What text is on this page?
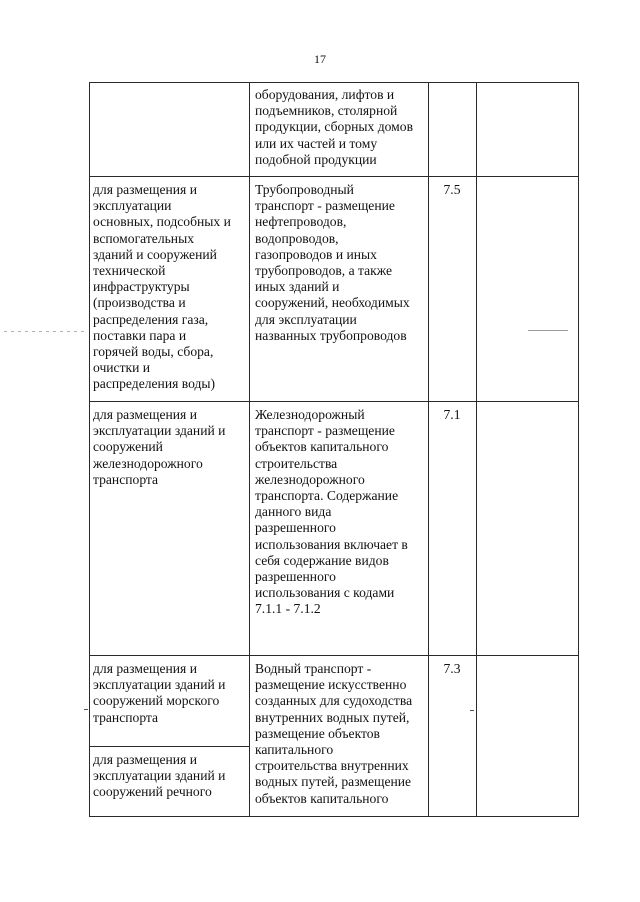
17
оборудования, лифтов и
подъемников, столярной
продукции, сборных домов
или их частей и тому
подобной продукции
для размещения и
эксплуатации
основных, подсобных и
вспомогательных
зданий и сооружений
технической
инфраструктуры
(производства и
распределения газа,
поставки пара и
горячей воды, сбора,
очистки и
распределения воды)
Трубопроводный
транспорт - размещение
нефтепроводов,
водопроводов,
газопроводов и иных
трубопроводов, а также
иных зданий и
сооружений, необходимых
для эксплуатации
названных трубопроводов
7.5
для размещения и
эксплуатации зданий и
сооружений
железнодорожного
транспорта
Железнодорожный
транспорт - размещение
объектов капитального
строительства
железнодорожного
транспорта. Содержание
данного вида
разрешенного
использования включает в
себя содержание видов
разрешенного
использования с кодами
7.1.1 - 7.1.2
7.1
для размещения и
эксплуатации зданий и
сооружений морского
транспорта
для размещения и
эксплуатации зданий и
сооружений речного
Водный транспорт -
размещение искусственно
созданных для судоходства
внутренних водных путей,
размещение объектов
капитального
строительства внутренних
водных путей, размещение
объектов капитального
7.3
